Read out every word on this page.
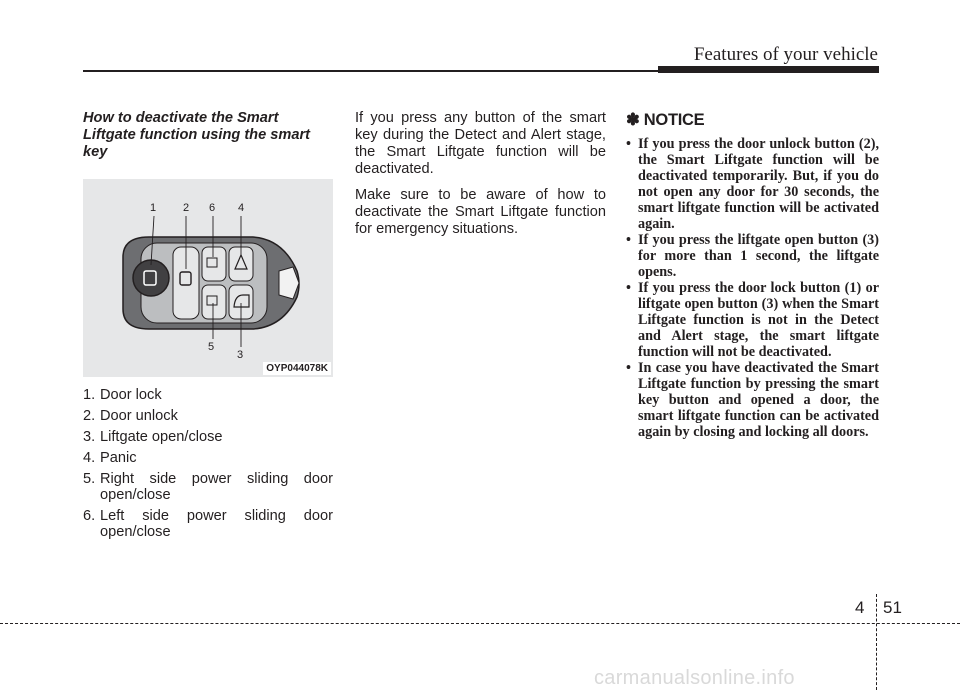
Features of your vehicle

How to deactivate the Smart Liftgate function using the smart key

1 2 6 4
5
3
OYP044078K
1. Door lock
2. Door unlock
3. Liftgate open/close
4. Panic
5. Right side power sliding door open/close
6. Left side power sliding door open/close

If you press any button of the smart key during the Detect and Alert stage, the Smart Liftgate function will be deactivated.

Make sure to be aware of how to deactivate the Smart Liftgate function for emergency situations.

✽ NOTICE

• If you press the door unlock button (2), the Smart Liftgate function will be deactivated temporarily. But, if you do not open any door for 30 seconds, the smart liftgate function will be activated again.
• If you press the liftgate open button (3) for more than 1 second, the liftgate opens.
• If you press the door lock button (1) or liftgate open button (3) when the Smart Liftgate function is not in the Detect and Alert stage, the smart liftgate function will not be deactivated.
• In case you have deactivated the Smart Liftgate function by pressing the smart key button and opened a door, the smart liftgate function can be activated again by closing and locking all doors.
4 51
carmanualsonline.info
